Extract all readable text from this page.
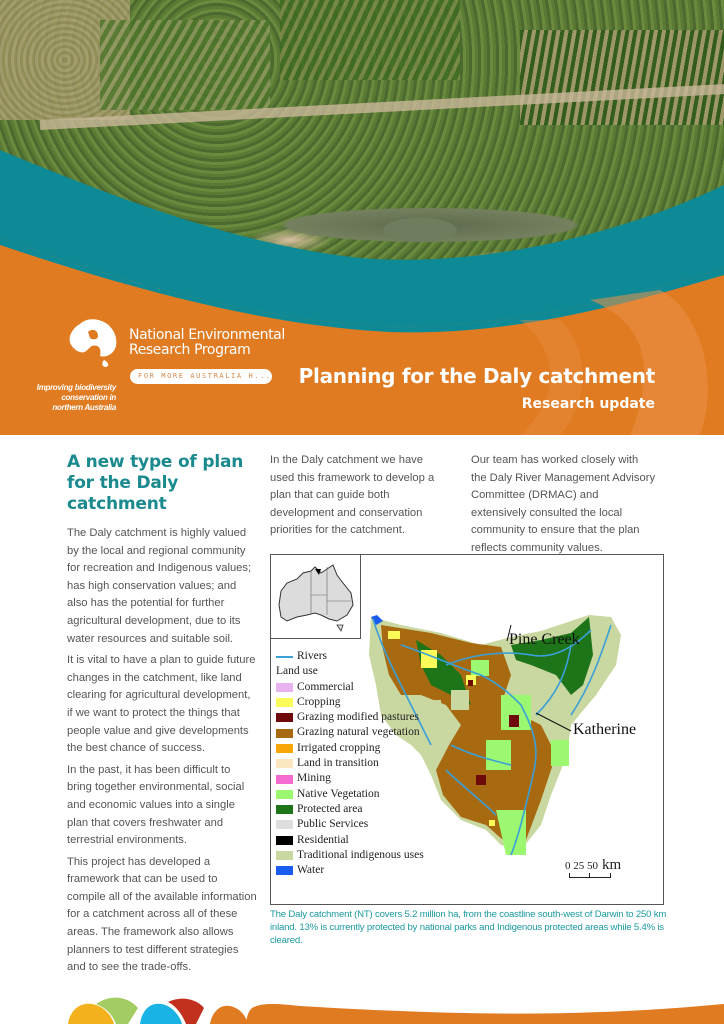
National Environmental
Research Program
FOR MORE AUSTRALIA H...
Improving biodiversity
conservation in
northern Australia
Planning for the Daly catchment
Research update
A new type of plan for the Daly catchment

The Daly catchment is highly valued by the local and regional community for recreation and Indigenous values; has high conservation values; and also has the potential for further agricultural development, due to its water resources and suitable soil.

It is vital to have a plan to guide future changes in the catchment, like land clearing for agricultural development, if we want to protect the things that people value and give developments the best chance of success.

In the past, it has been difficult to bring together environmental, social and economic values into a single plan that covers freshwater and terrestrial environments.

This project has developed a framework that can be used to compile all of the available information for a catchment across all of these areas. The framework also allows planners to test different strategies and to see the trade-offs.

In the Daly catchment we have used this framework to develop a plan that can guide both development and conservation priorities for the catchment.

Our team has worked closely with the Daly River Management Advisory Committee (DRMAC) and extensively consulted the local community to ensure that the plan reflects community values.

Pine Creek
Katherine
Rivers
Land use
Commercial
Cropping
Grazing modified pastures
Grazing natural vegetation
Irrigated cropping
Land in transition
Mining
Native Vegetation
Protected area
Public Services
Residential
Traditional indigenous uses
Water	0 25 50 km
The Daly catchment (NT) covers 5.2 million ha, from the coastline south-west of Darwin to 250 km inland. 13% is currently protected by national parks and Indigenous protected areas while 5.4% is cleared.
